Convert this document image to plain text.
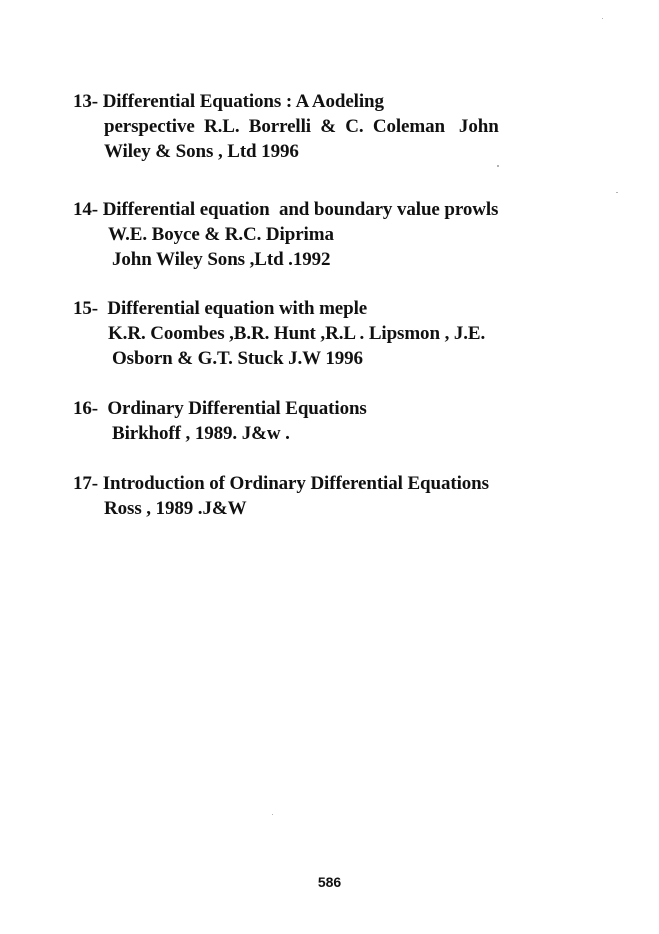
13- Differential Equations : A Aodeling
perspective  R.L.  Borrelli  &  C.  Coleman   John
Wiley & Sons , Ltd 1996
14- Differential equation  and boundary value prowls
W.E. Boyce & R.C. Diprima
John Wiley Sons ,Ltd .1992
15-  Differential equation with meple
K.R. Coombes ,B.R. Hunt ,R.L . Lipsmon , J.E.
Osborn & G.T. Stuck J.W 1996
16-  Ordinary Differential Equations
Birkhoff , 1989. J&w .
17- Introduction of Ordinary Differential Equations
Ross , 1989 .J&W
586
